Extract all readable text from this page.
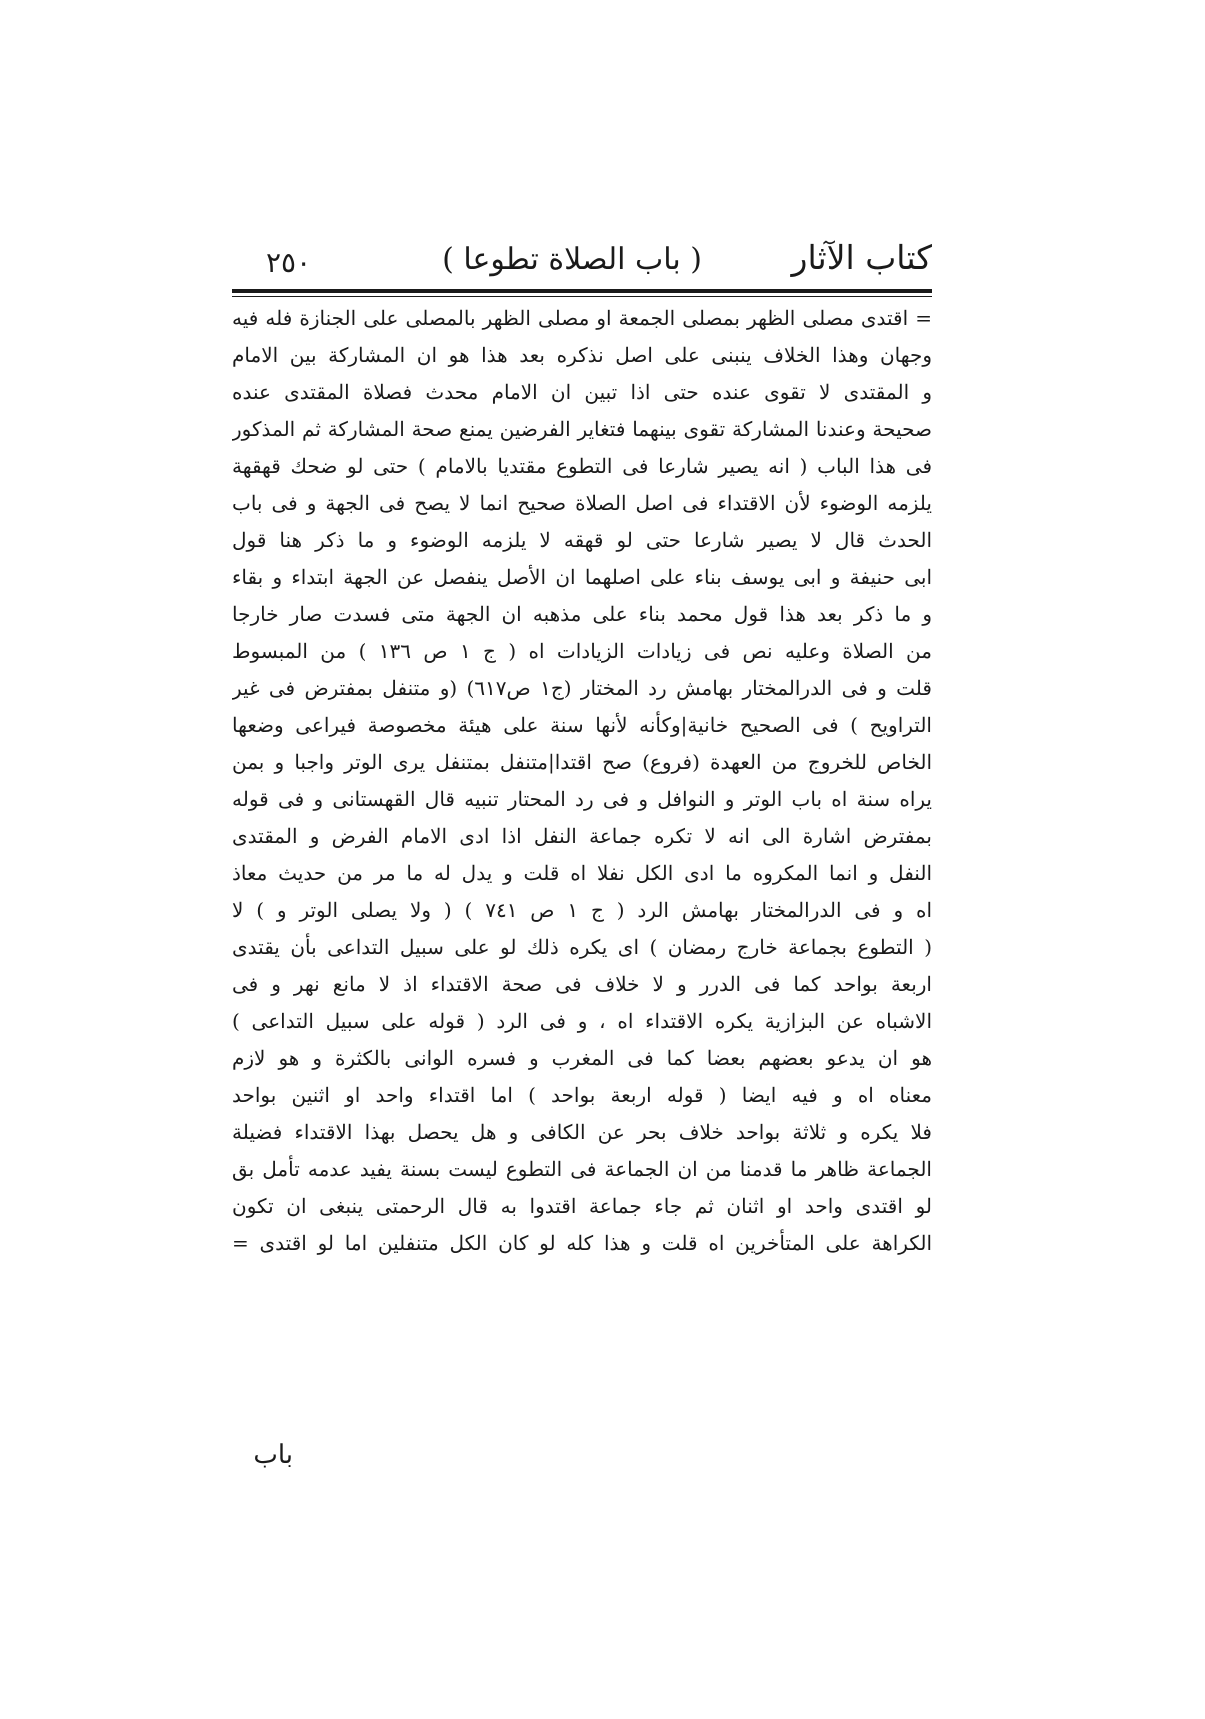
كتاب الآثار
( باب الصلاة تطوعا )
٢٥٠
= اقتدى مصلى الظهر بمصلى الجمعة او مصلى الظهر بالمصلى على الجنازة فله فيه
وجهان وهذا الخلاف ينبنى على اصل نذكره بعد هذا هو ان المشاركة بين الامام
و المقتدى لا تقوى عنده حتى اذا تبين ان الامام محدث فصلاة المقتدى عنده
صحيحة وعندنا المشاركة تقوى بينهما فتغاير الفرضين يمنع صحة المشاركة ثم المذكور
فى هذا الباب ( انه يصير شارعا فى التطوع مقتديا بالامام ) حتى لو ضحك قهقهة
يلزمه الوضوء لأن الاقتداء فى اصل الصلاة صحيح انما لا يصح فى الجهة و فى باب
الحدث قال لا يصير شارعا حتى لو قهقه لا يلزمه الوضوء و ما ذكر هنا قول
ابى حنيفة و ابى يوسف بناء على اصلهما ان الأصل ينفصل عن الجهة ابتداء و بقاء
و ما ذكر بعد هذا قول محمد بناء على مذهبه ان الجهة متى فسدت صار خارجا
من الصلاة وعليه نص فى زيادات الزيادات اه ( ج ١ ص ١٣٦ ) من المبسوط
قلت و فى الدرالمختار بهامش رد المختار (ج١ ص٦١٧) (و متنفل بمفترض فى غير
التراويح ) فى الصحيح خانية|وكأنه لأنها سنة على هيئة مخصوصة فيراعى وضعها
الخاص للخروج من العهدة (فروع) صح اقتدا|متنفل بمتنفل يرى الوتر واجبا و بمن
يراه سنة اه باب الوتر و النوافل و فى رد المحتار تنبيه قال القهستانى و فى قوله
بمفترض اشارة الى انه لا تكره جماعة النفل اذا ادى الامام الفرض و المقتدى
النفل و انما المكروه ما ادى الكل نفلا اه قلت و يدل له ما مر من حديث معاذ
اه و فى الدرالمختار بهامش الرد ( ج ١ ص ٧٤١ ) ( ولا يصلى الوتر و ) لا
( التطوع بجماعة خارج رمضان ) اى يكره ذلك لو على سبيل التداعى بأن يقتدى
اربعة بواحد كما فى الدرر و لا خلاف فى صحة الاقتداء اذ لا مانع نهر و فى
الاشباه عن البزازية يكره الاقتداء اه ، و فى الرد ( قوله على سبيل التداعى )
هو ان يدعو بعضهم بعضا كما فى المغرب و فسره الوانى بالكثرة و هو لازم
معناه اه و فيه ايضا ( قوله اربعة بواحد ) اما اقتداء واحد او اثنين بواحد
فلا يكره و ثلاثة بواحد خلاف بحر عن الكافى و هل يحصل بهذا الاقتداء فضيلة
الجماعة ظاهر ما قدمنا من ان الجماعة فى التطوع ليست بسنة يفيد عدمه تأمل بق
لو اقتدى واحد او اثنان ثم جاء جماعة اقتدوا به قال الرحمتى ينبغى ان تكون
الكراهة على المتأخرين اه قلت و هذا كله لو كان الكل متنفلين اما لو اقتدى =
باب
